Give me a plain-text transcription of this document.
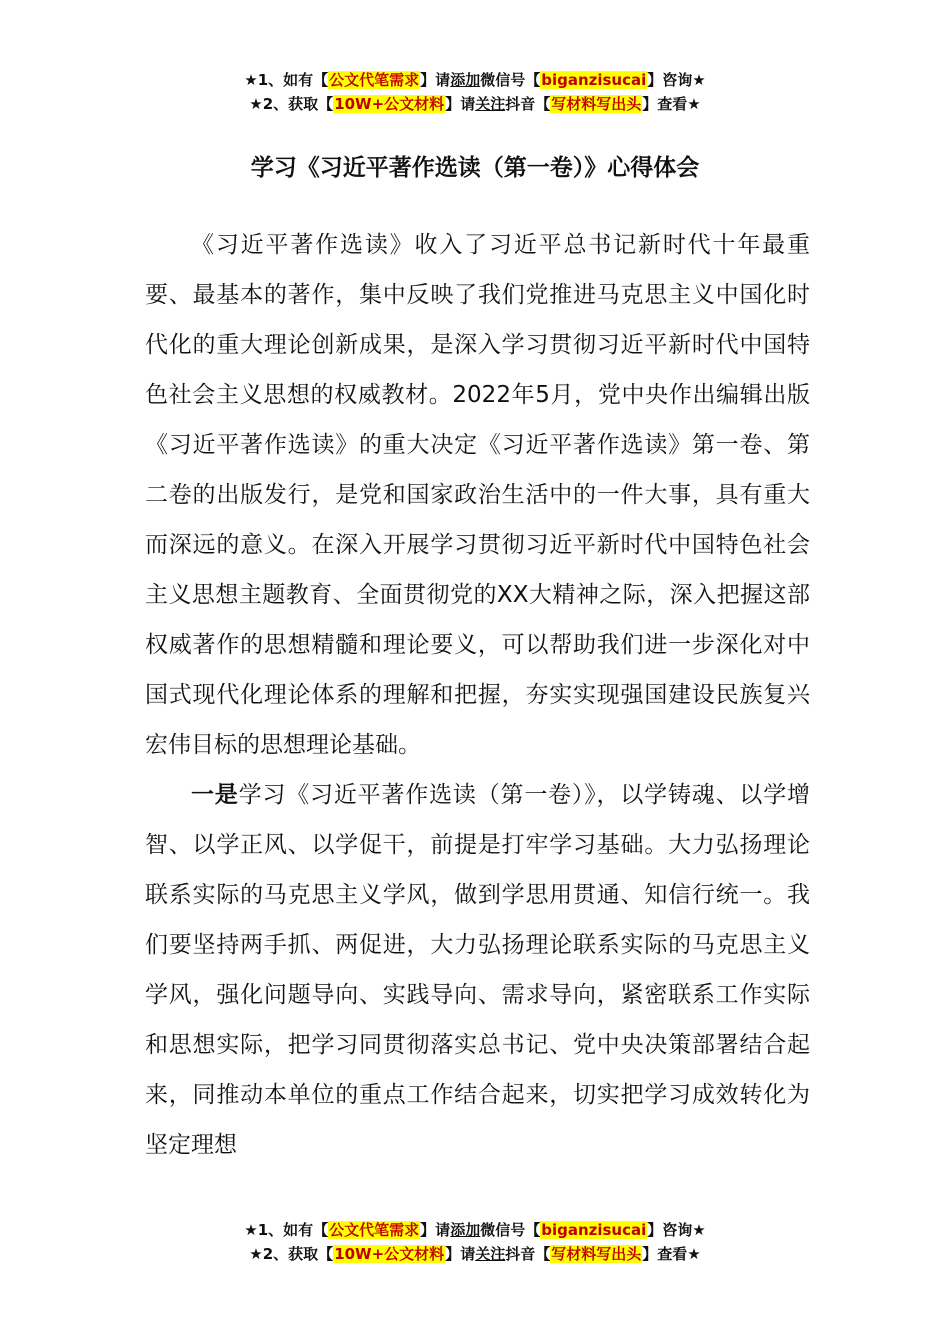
★1、如有【公文代笔需求】请添加微信号【biganzisucai】咨询★
★2、获取【10W+公文材料】请关注抖音【写材料写出头】查看★
学习《习近平著作选读（第一卷）》心得体会

《习近平著作选读》收入了习近平总书记新时代十年最重要、最基本的著作，集中反映了我们党推进马克思主义中国化时代化的重大理论创新成果，是深入学习贯彻习近平新时代中国特色社会主义思想的权威教材。2022年5月，党中央作出编辑出版《习近平著作选读》的重大决定《习近平著作选读》第一卷、第二卷的出版发行，是党和国家政治生活中的一件大事，具有重大而深远的意义。在深入开展学习贯彻习近平新时代中国特色社会主义思想主题教育、全面贯彻党的XX大精神之际，深入把握这部权威著作的思想精髓和理论要义，可以帮助我们进一步深化对中国式现代化理论体系的理解和把握，夯实实现强国建设民族复兴宏伟目标的思想理论基础。

一是学习《习近平著作选读（第一卷）》，以学铸魂、以学增智、以学正风、以学促干，前提是打牢学习基础。大力弘扬理论联系实际的马克思主义学风，做到学思用贯通、知信行统一。我们要坚持两手抓、两促进，大力弘扬理论联系实际的马克思主义学风，强化问题导向、实践导向、需求导向，紧密联系工作实际和思想实际，把学习同贯彻落实总书记、党中央决策部署结合起来，同推动本单位的重点工作结合起来，切实把学习成效转化为坚定理想

★1、如有【公文代笔需求】请添加微信号【biganzisucai】咨询★
★2、获取【10W+公文材料】请关注抖音【写材料写出头】查看★
